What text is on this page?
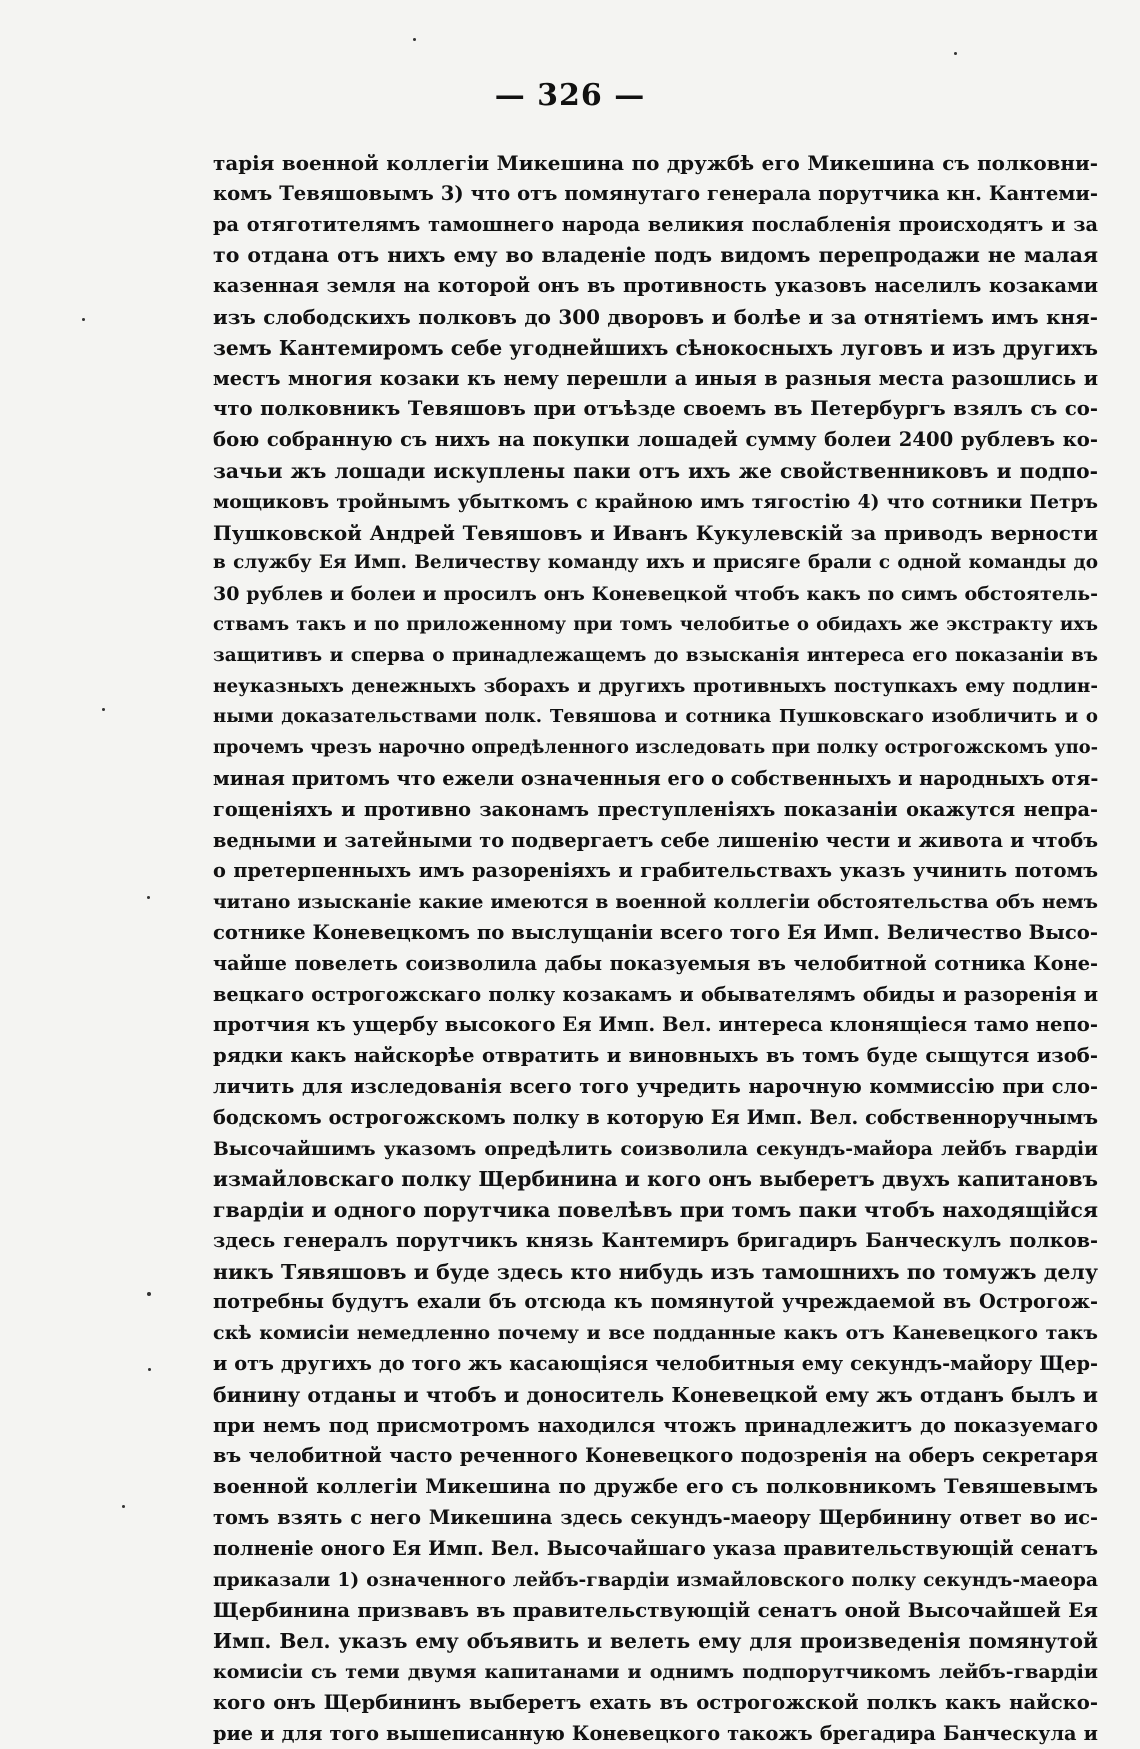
— 326 —
тарія военной коллегіи Микешина по дружбѣ его Микешина съ полковни-
комъ Тевяшовымъ 3) что отъ помянутаго генерала порутчика кн. Кантеми-
ра отяготителямъ тамошнего народа великия послабленія происходятъ и за
то отдана отъ нихъ ему во владеніе подъ видомъ перепродажи не малая
казенная земля на которой онъ въ противность указовъ населилъ козаками
изъ слободскихъ полковъ до 300 дворовъ и болѣе и за отнятіемъ имъ кня-
земъ Кантемиромъ себе угоднейшихъ сѣнокосныхъ луговъ и изъ другихъ
местъ многия козаки къ нему перешли а иныя в разныя места разошлись и
что полковникъ Тевяшовъ при отъѣзде своемъ въ Петербургъ взялъ съ со-
бою собранную съ нихъ на покупки лошадей сумму болеи 2400 рублевъ ко-
зачьи жъ лошади искуплены паки отъ ихъ же свойственниковъ и подпо-
мощиковъ тройнымъ убыткомъ с крайною имъ тягостію 4) что сотники Петръ
Пушковской Андрей Тевяшовъ и Иванъ Кукулевскій за приводъ верности
в службу Ея Имп. Величеству команду ихъ и присяге брали с одной команды до
30 рублев и болеи и просилъ онъ Коневецкой чтобъ какъ по симъ обстоятель-
ствамъ такъ и по приложенному при томъ челобитье о обидахъ же экстракту ихъ
защитивъ и сперва о принадлежащемъ до взысканія интереса его показаніи въ
неуказныхъ денежныхъ зборахъ и другихъ противныхъ поступкахъ ему подлин-
ными доказательствами полк. Тевяшова и сотника Пушковскаго изобличить и о
прочемъ чрезъ нарочно опредѣленного изследовать при полку острогожскомъ упо-
миная притомъ что ежели означенныя его о собственныхъ и народныхъ отя-
гощеніяхъ и противно законамъ преступленіяхъ показаніи окажутся непра-
ведными и затейными то подвергаетъ себе лишенію чести и живота и чтобъ
о претерпенныхъ имъ разореніяхъ и грабительствахъ указъ учинить потомъ
читано изысканіе какие имеются в военной коллегіи обстоятельства объ немъ
сотнике Коневецкомъ по выслущаніи всего того Ея Имп. Величество Высо-
чайше повелеть соизволила дабы показуемыя въ челобитной сотника Коне-
вецкаго острогожскаго полку козакамъ и обывателямъ обиды и разоренія и
протчия къ ущербу высокого Ея Имп. Вел. интереса клонящіеся тамо непо-
рядки какъ найскорѣе отвратить и виновныхъ въ томъ буде сыщутся изоб-
личить для изследованія всего того учредить нарочную коммиссію при сло-
бодскомъ острогожскомъ полку в которую Ея Имп. Вел. собственноручнымъ
Высочайшимъ указомъ опредѣлить соизволила секундъ-майора лейбъ гвардіи
измайловскаго полку Щербинина и кого онъ выберетъ двухъ капитановъ
гвардіи и одного порутчика повелѣвъ при томъ паки чтобъ находящійся
здесь генералъ порутчикъ князь Кантемиръ бригадиръ Банческулъ полков-
никъ Тявяшовъ и буде здесь кто нибудь изъ тамошнихъ по томужъ делу
потребны будутъ ехали бъ отсюда къ помянутой учреждаемой въ Острогож-
скѣ комисіи немедленно почему и все подданные какъ отъ Каневецкого такъ
и отъ другихъ до того жъ касающіяся челобитныя ему секундъ-майору Щер-
бинину отданы и чтобъ и доноситель Коневецкой ему жъ отданъ былъ и
при немъ под присмотромъ находился чтожъ принадлежитъ до показуемаго
въ челобитной часто реченного Коневецкого подозренія на оберъ секретаря
военной коллегіи Микешина по дружбе его съ полковникомъ Тевяшевымъ
томъ взять с него Микешина здесь секундъ-маеору Щербинину ответ во ис-
полненіе оного Ея Имп. Вел. Высочайшаго указа правительствующій сенатъ
приказали 1) означенного лейбъ-гвардіи измайловского полку секундъ-маеора
Щербинина призвавъ въ правительствующій сенатъ оной Высочайшей Ея
Имп. Вел. указъ ему объявить и велеть ему для произведенія помянутой
комисіи съ теми двумя капитанами и однимъ подпорутчикомъ лейбъ-гвардіи
кого онъ Щербининъ выберетъ ехать въ острогожской полкъ какъ найско-
рие и для того вышеписанную Коневецкого такожъ брегадира Банческула и
